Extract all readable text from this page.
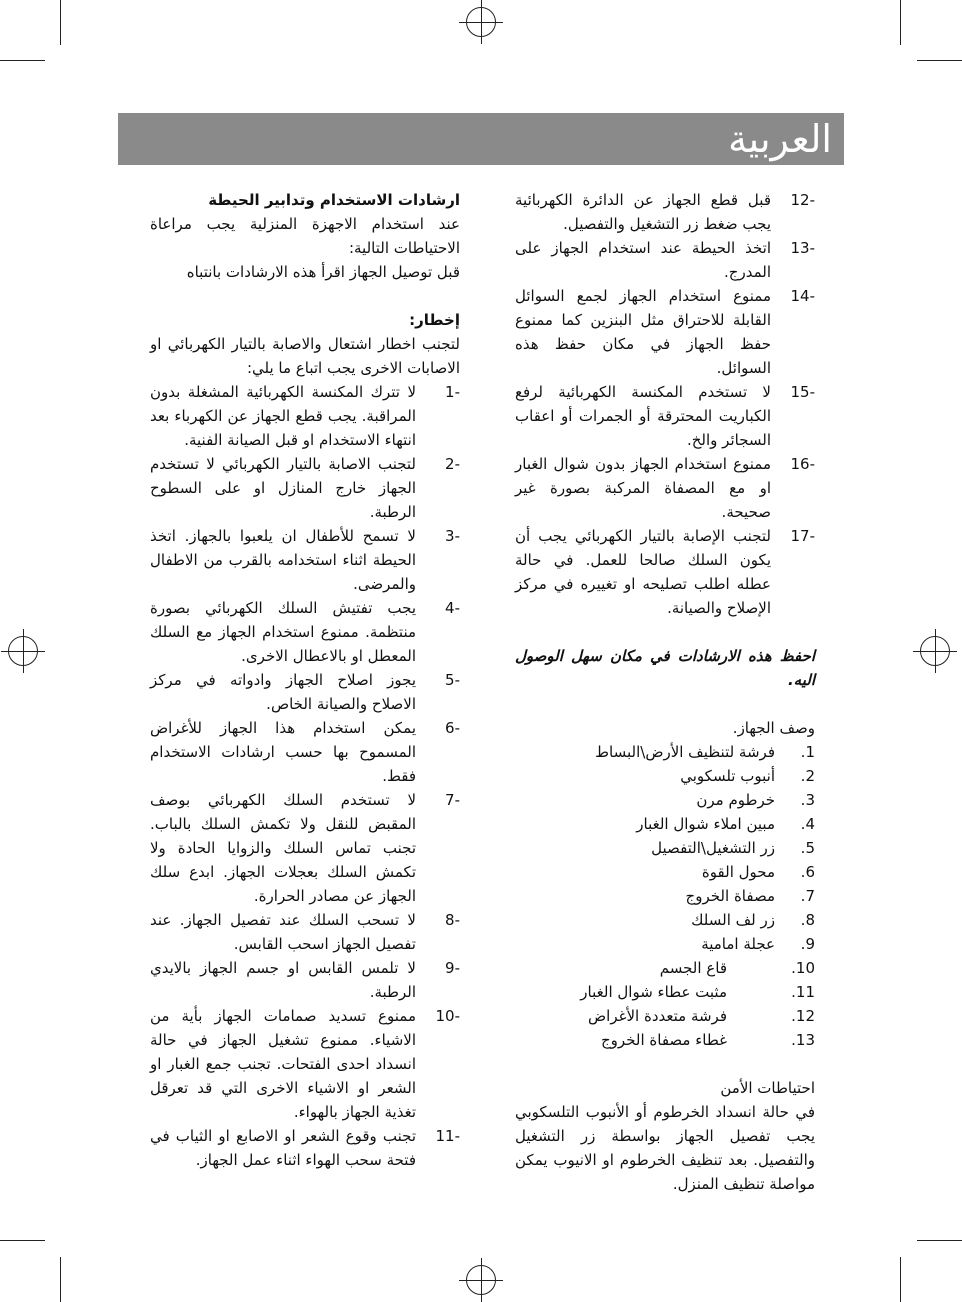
العربية

ارشادات الاستخدام وتدابير الحيطة

عند استخدام الاجهزة المنزلية يجب مراعاة الاحتياطات التالية:

قبل توصيل الجهاز اقرأ هذه الارشادات بانتباه

إخطار:

لتجنب اخطار اشتعال والاصابة بالتيار الكهربائي او الاصابات الاخرى يجب اتباع ما يلي:

-1
لا تترك المكنسة الكهربائية المشغلة بدون المراقبة. يجب قطع الجهاز عن الكهرباء بعد انتهاء الاستخدام او قبل الصيانة الفنية.
-2
لتجنب الاصابة بالتيار الكهربائي لا تستخدم الجهاز خارج المنازل او على السطوح الرطبة.
-3
لا تسمح للأطفال ان يلعبوا بالجهاز. اتخذ الحيطة اثناء استخدامه بالقرب من الاطفال والمرضى.
-4
يجب تفتيش السلك الكهربائي بصورة منتظمة. ممنوع استخدام الجهاز مع السلك المعطل او بالاعطال الاخرى.
-5
يجوز اصلاح الجهاز وادواته في مركز الاصلاح والصيانة الخاص.
-6
يمكن استخدام هذا الجهاز للأغراض المسموح بها حسب ارشادات الاستخدام فقط.
-7
لا تستخدم السلك الكهربائي بوصف المقبض للنقل ولا تكمش السلك بالباب. تجنب تماس السلك والزوايا الحادة ولا تكمش السلك بعجلات الجهاز. ابدع سلك الجهاز عن مصادر الحرارة.
-8
لا تسحب السلك عند تفصيل الجهاز. عند تفصيل الجهاز اسحب القابس.
-9
لا تلمس القابس او جسم الجهاز بالايدي الرطبة.
-10
ممنوع تسديد صمامات الجهاز بأية من الاشياء. ممنوع تشغيل الجهاز في حالة انسداد احدى الفتحات. تجنب جمع الغبار او الشعر او الاشياء الاخرى التي قد تعرقل تغذية الجهاز بالهواء.
-11
تجنب وقوع الشعر او الاصابع او الثياب في فتحة سحب الهواء اثناء عمل الجهاز.
-12
قبل قطع الجهاز عن الدائرة الكهربائية يجب ضغط زر التشغيل والتفصيل.
-13
اتخذ الحيطة عند استخدام الجهاز على المدرج.
-14
ممنوع استخدام الجهاز لجمع السوائل القابلة للاحتراق مثل البنزين كما ممنوع حفظ الجهاز في مكان حفظ هذه السوائل.
-15
لا تستخدم المكنسة الكهربائية لرفع الكباريت المحترقة أو الجمرات أو اعقاب السجائر والخ.
-16
ممنوع استخدام الجهاز بدون شوال الغبار او مع المصفاة المركبة بصورة غير صحيحة.
-17
لتجنب الإصابة بالتيار الكهربائي يجب أن يكون السلك صالحا للعمل. في حالة عطله اطلب تصليحه او تغييره في مركز الإصلاح والصيانة.

احفظ هذه الارشادات في مكان سهل الوصول اليه.

وصف الجهاز.

1.
فرشة لتنظيف الأرض\البساط
2.
أنبوب تلسكوبي
3.
خرطوم مرن
4.
مبين املاء شوال الغبار
5.
زر التشغيل\التفصيل
6.
محول القوة
7.
مصفاة الخروج
8.
زر لف السلك
9.
عجلة امامية
10.
قاع الجسم
11.
مثبت عطاء شوال الغبار
12.
فرشة متعددة الأغراض
13.
غطاء مصفاة الخروج

احتياطات الأمن

في حالة انسداد الخرطوم أو الأنبوب التلسكوبي يجب تفصيل الجهاز بواسطة زر التشغيل والتفصيل. بعد تنظيف الخرطوم او الانيوب يمكن مواصلة تنظيف المنزل.
